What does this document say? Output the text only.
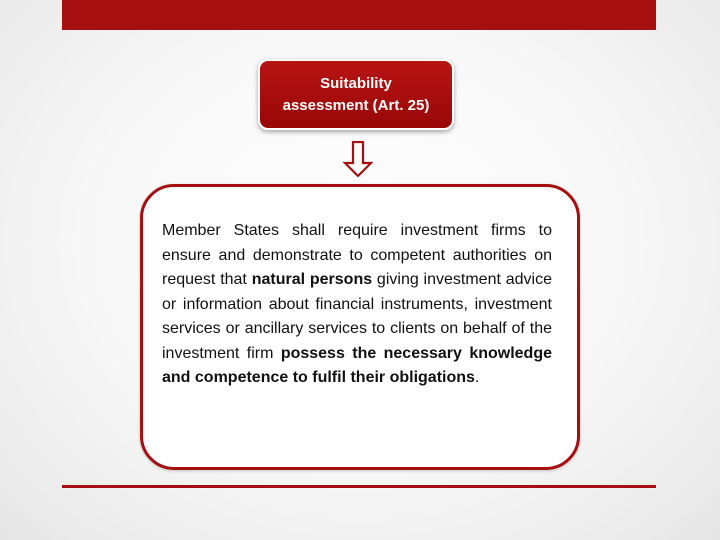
Suitability
assessment (Art. 25)
Member States shall require investment firms to ensure and demonstrate to competent authorities on request that natural persons giving investment advice or information about financial instruments, investment services or ancillary services to clients on behalf of the investment firm possess the necessary knowledge and competence to fulfil their obligations.
